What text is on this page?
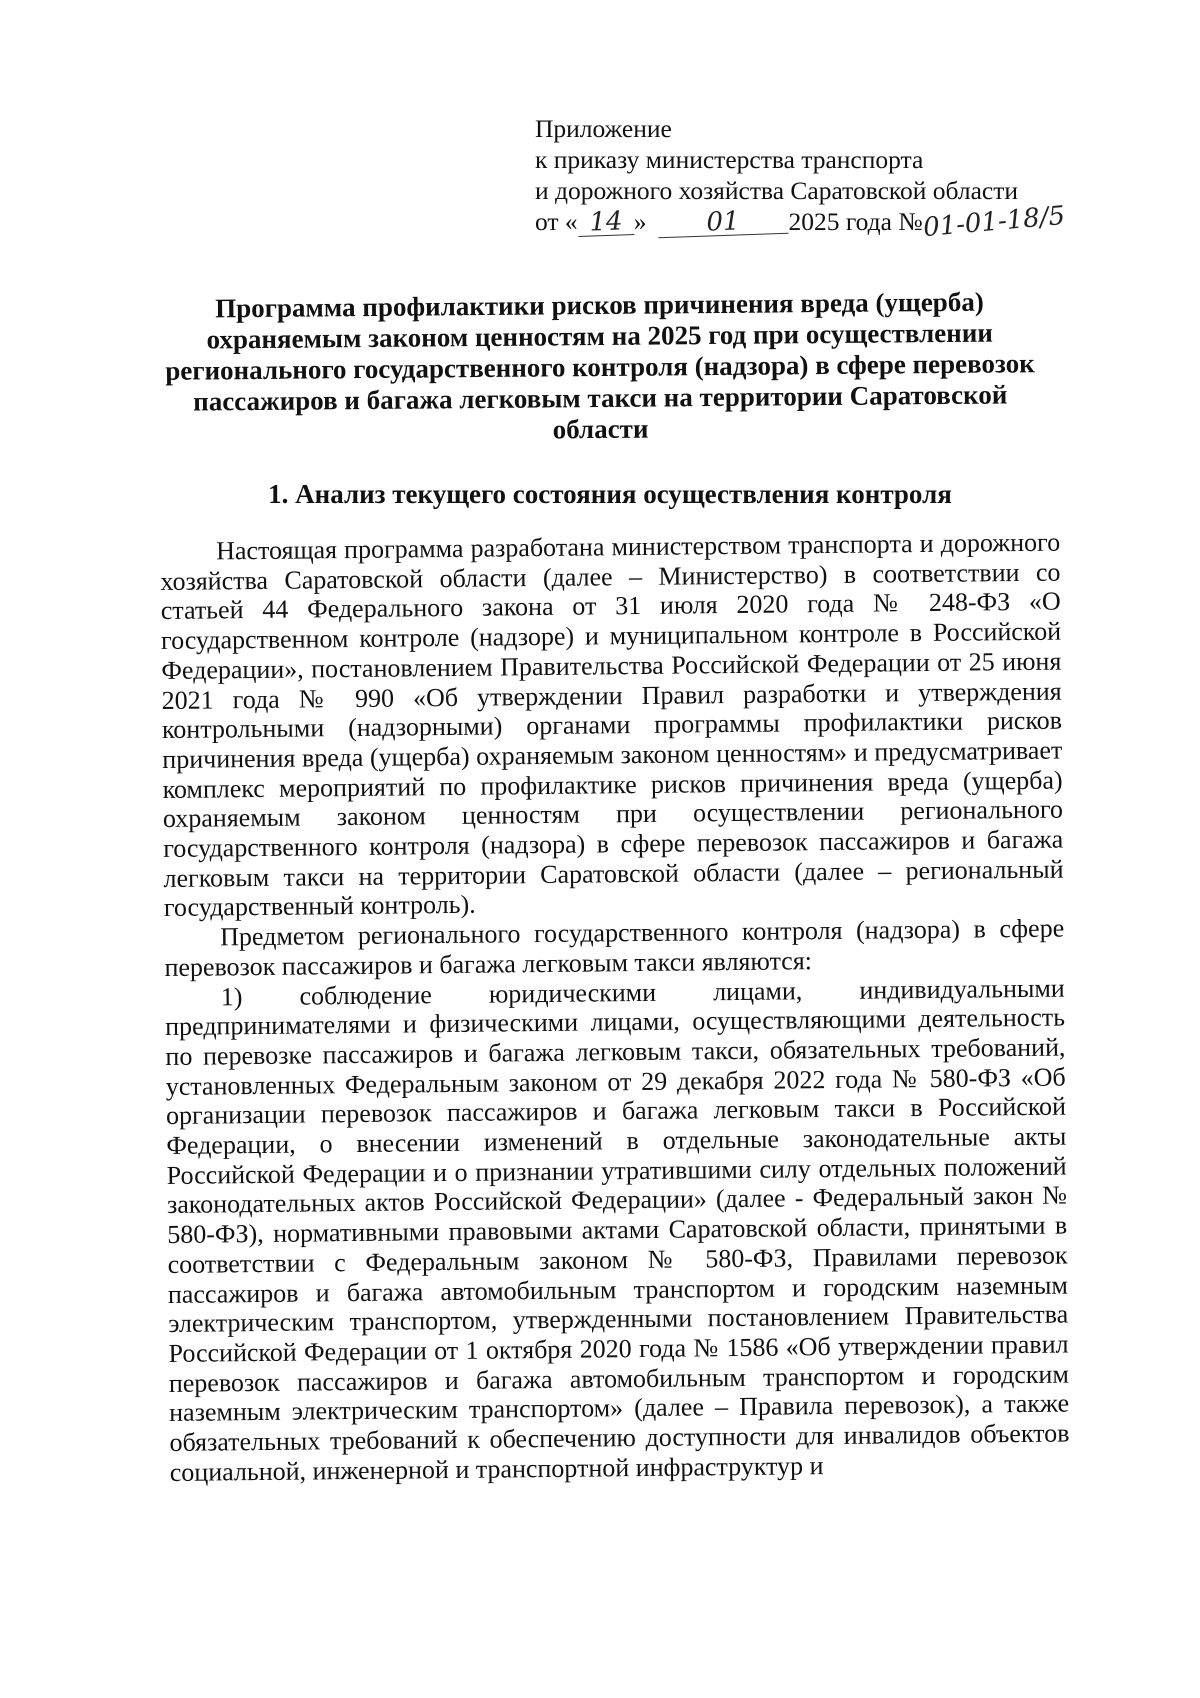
Приложение
к приказу министерства транспорта
и дорожного хозяйства Саратовской области
от « 14 » 01 2025 года №01-01-18/5
Программа профилактики рисков причинения вреда (ущерба) охраняемым законом ценностям на 2025 год при осуществлении регионального государственного контроля (надзора) в сфере перевозок пассажиров и багажа легковым такси на территории Саратовской области
1. Анализ текущего состояния осуществления контроля

Настоящая программа разработана министерством транспорта и дорожного хозяйства Саратовской области (далее – Министерство) в соответствии со статьей 44 Федерального закона от 31 июля 2020 года № 248-ФЗ «О государственном контроле (надзоре) и муниципальном контроле в Российской Федерации», постановлением Правительства Российской Федерации от 25 июня 2021 года № 990 «Об утверждении Правил разработки и утверждения контрольными (надзорными) органами программы профилактики рисков причинения вреда (ущерба) охраняемым законом ценностям» и предусматривает комплекс мероприятий по профилактике рисков причинения вреда (ущерба) охраняемым законом ценностям при осуществлении регионального государственного контроля (надзора) в сфере перевозок пассажиров и багажа легковым такси на территории Саратовской области (далее – региональный государственный контроль).

Предметом регионального государственного контроля (надзора) в сфере перевозок пассажиров и багажа легковым такси являются:

1) соблюдение юридическими лицами, индивидуальными предпринимателями и физическими лицами, осуществляющими деятельность по перевозке пассажиров и багажа легковым такси, обязательных требований, установленных Федеральным законом от 29 декабря 2022 года № 580-ФЗ «Об организации перевозок пассажиров и багажа легковым такси в Российской Федерации, о внесении изменений в отдельные законодательные акты Российской Федерации и о признании утратившими силу отдельных положений законодательных актов Российской Федерации» (далее - Федеральный закон № 580-ФЗ), нормативными правовыми актами Саратовской области, принятыми в соответствии с Федеральным законом № 580-ФЗ, Правилами перевозок пассажиров и багажа автомобильным транспортом и городским наземным электрическим транспортом, утвержденными постановлением Правительства Российской Федерации от 1 октября 2020 года № 1586 «Об утверждении правил перевозок пассажиров и багажа автомобильным транспортом и городским наземным электрическим транспортом» (далее – Правила перевозок), а также обязательных требований к обеспечению доступности для инвалидов объектов социальной, инженерной и транспортной инфраструктур и
